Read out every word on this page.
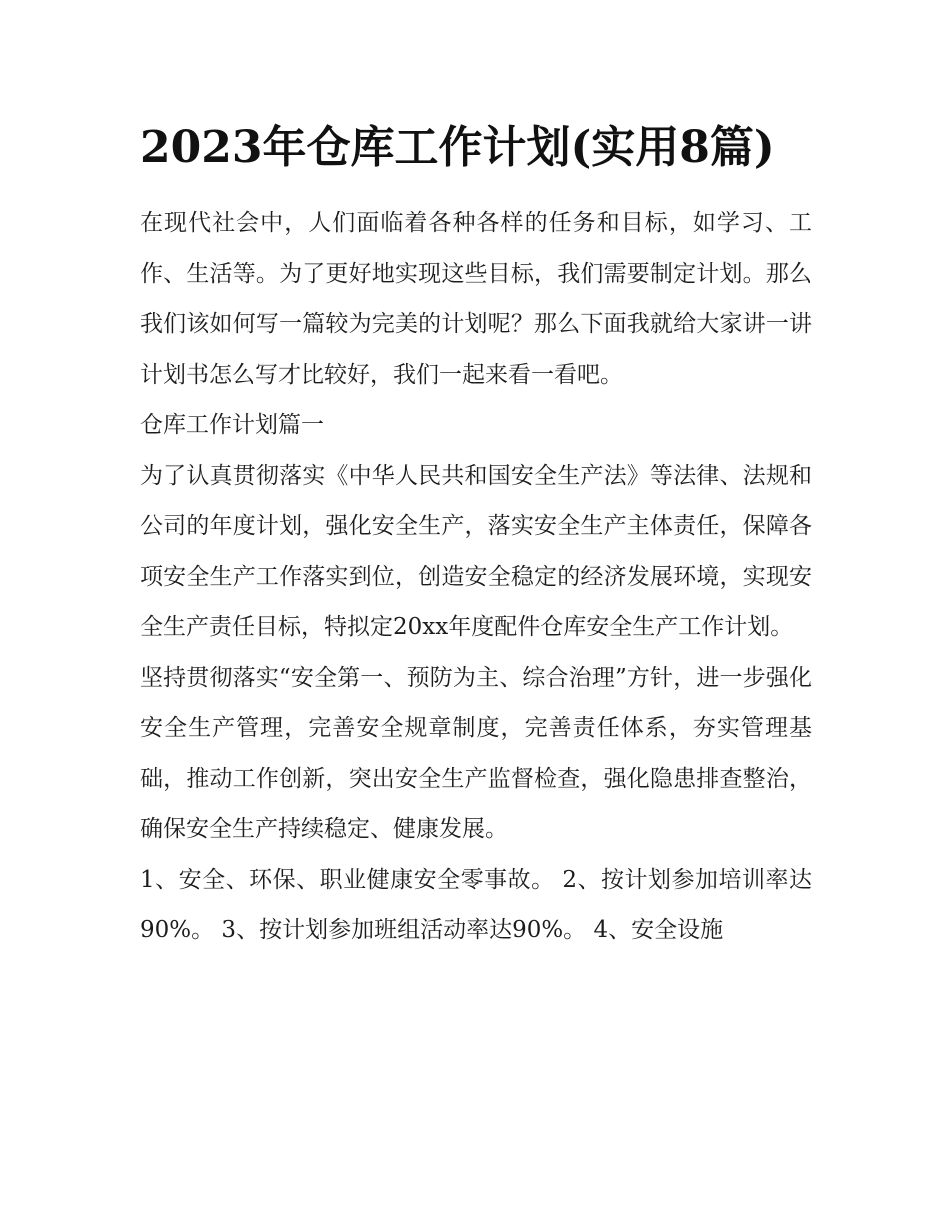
2023年仓库工作计划(实用8篇)

在现代社会中，人们面临着各种各样的任务和目标，如学习、工作、生活等。为了更好地实现这些目标，我们需要制定计划。那么我们该如何写一篇较为完美的计划呢？那么下面我就给大家讲一讲计划书怎么写才比较好，我们一起来看一看吧。

仓库工作计划篇一

为了认真贯彻落实《中华人民共和国安全生产法》等法律、法规和公司的年度计划，强化安全生产，落实安全生产主体责任，保障各项安全生产工作落实到位，创造安全稳定的经济发展环境，实现安全生产责任目标，特拟定20xx年度配件仓库安全生产工作计划。

坚持贯彻落实“安全第一、预防为主、综合治理”方针，进一步强化安全生产管理，完善安全规章制度，完善责任体系，夯实管理基础，推动工作创新，突出安全生产监督检查，强化隐患排查整治，确保安全生产持续稳定、健康发展。

1、安全、环保、职业健康安全零事故。 2、按计划参加培训率达90%。 3、按计划参加班组活动率达90%。 4、安全设施
